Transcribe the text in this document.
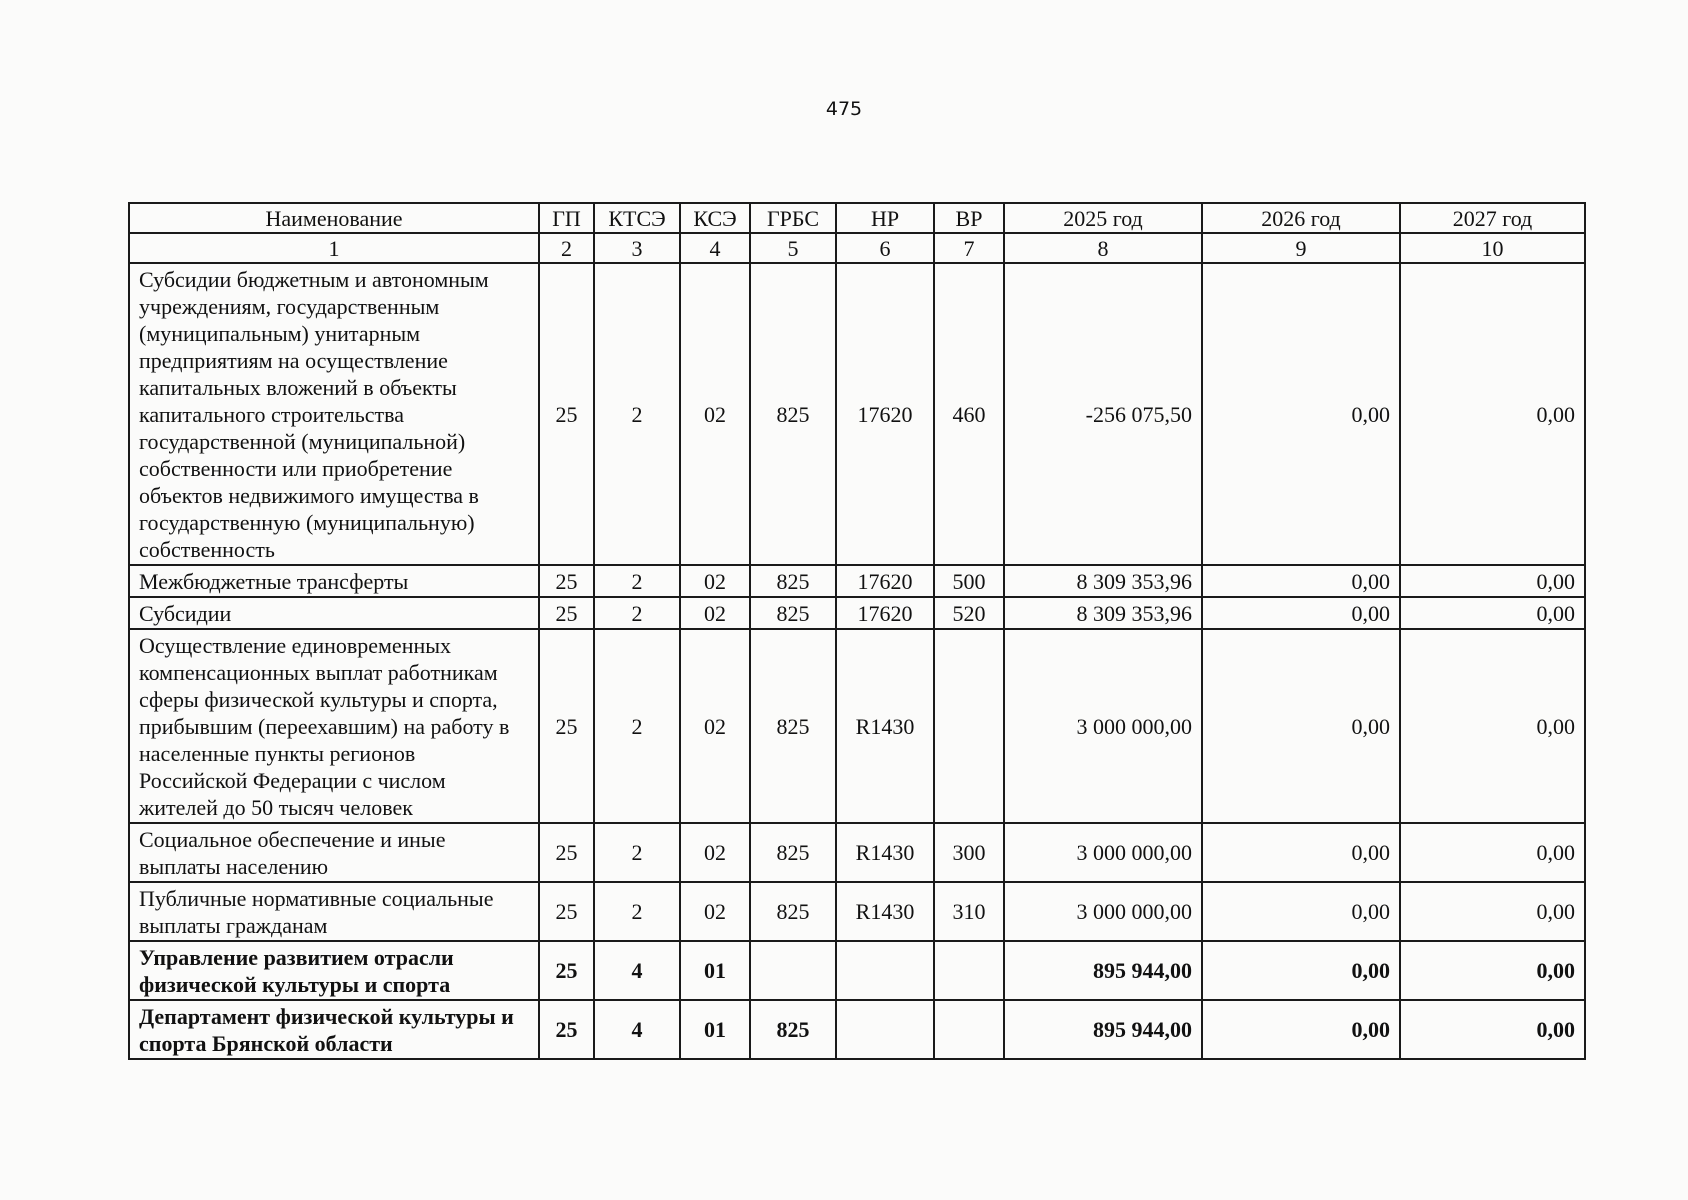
475
Наименование	ГП	КТСЭ	КСЭ	ГРБС	НР	ВР	2025 год	2026 год	2027 год
1	2	3	4	5	6	7	8	9	10
Субсидии бюджетным и автономным учреждениям, государственным (муниципальным) унитарным предприятиям на осуществление капитальных вложений в объекты капитального строительства государственной (муниципальной) собственности или приобретение объектов недвижимого имущества в государственную (муниципальную) собственность	25	2	02	825	17620	460	-256 075,50	0,00	0,00
Межбюджетные трансферты	25	2	02	825	17620	500	8 309 353,96	0,00	0,00
Субсидии	25	2	02	825	17620	520	8 309 353,96	0,00	0,00
Осуществление единовременных компенсационных выплат работникам сферы физической культуры и спорта, прибывшим (переехавшим) на работу в населенные пункты регионов Российской Федерации с числом жителей до 50 тысяч человек	25	2	02	825	R1430		3 000 000,00	0,00	0,00
Социальное обеспечение и иные выплаты населению	25	2	02	825	R1430	300	3 000 000,00	0,00	0,00
Публичные нормативные социальные выплаты гражданам	25	2	02	825	R1430	310	3 000 000,00	0,00	0,00
Управление развитием отрасли физической культуры и спорта	25	4	01				895 944,00	0,00	0,00
Департамент физической культуры и спорта Брянской области	25	4	01	825			895 944,00	0,00	0,00
